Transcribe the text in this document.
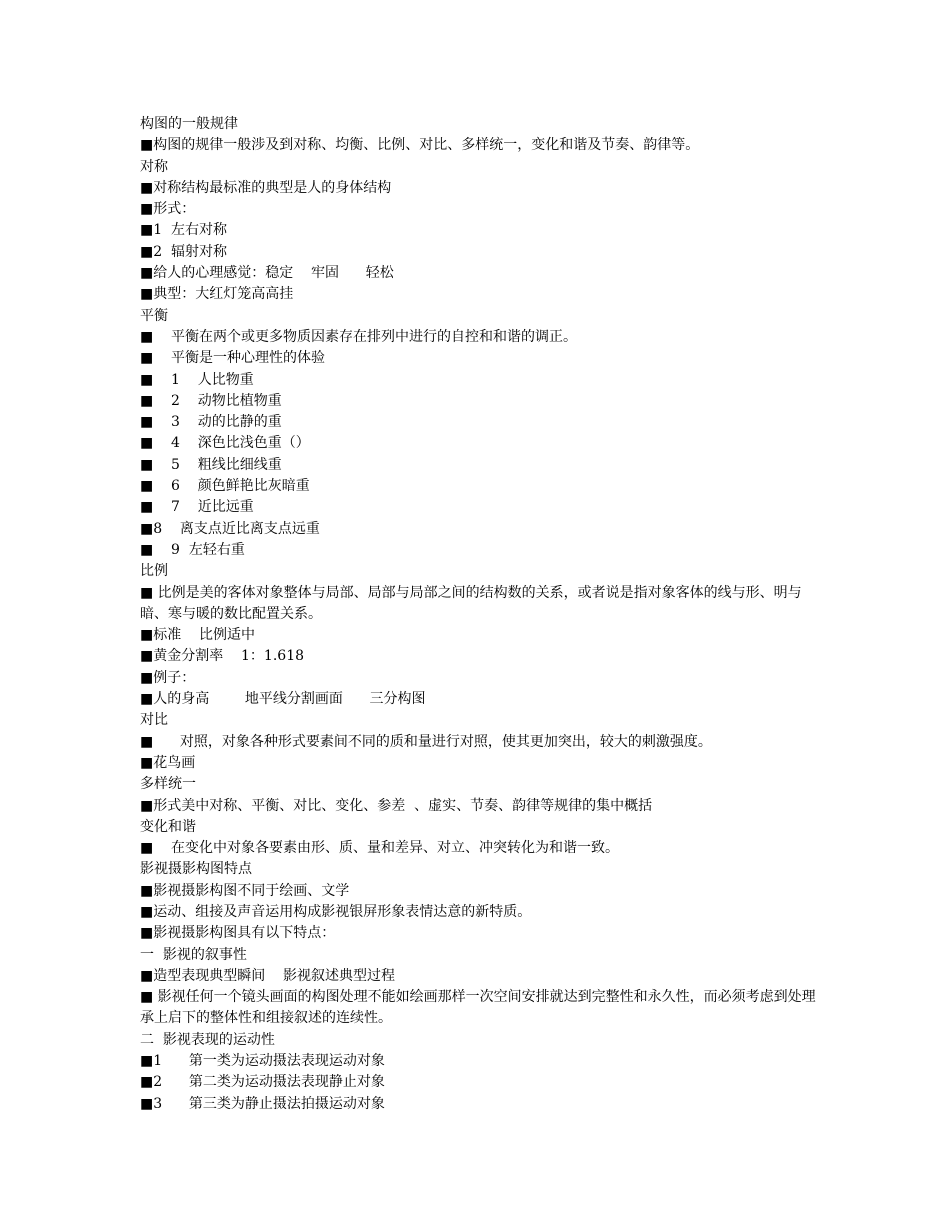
构图的一般规律
■构图的规律一般涉及到对称、均衡、比例、对比、多样统一，变化和谐及节奏、韵律等。
对称
■对称结构最标准的典型是人的身体结构
■形式：
■1  左右对称
■2  辐射对称
■给人的心理感觉：稳定    牢固      轻松
■典型：大红灯笼高高挂
平衡
■    平衡在两个或更多物质因素存在排列中进行的自控和和谐的调正。
■    平衡是一种心理性的体验
■    1    人比物重
■    2    动物比植物重
■    3    动的比静的重
■    4    深色比浅色重（）
■    5    粗线比细线重
■    6    颜色鲜艳比灰暗重
■    7    近比远重
■8    离支点近比离支点远重
■    9  左轻右重
比例
■ 比例是美的客体对象整体与局部、局部与局部之间的结构数的关系，或者说是指对象客体的线与形、明与暗、寒与暖的数比配置关系。
■标准    比例适中
■黄金分割率    1：1.618
■例子：
■人的身高        地平线分割画面      三分构图
对比
■      对照，对象各种形式要素间不同的质和量进行对照，使其更加突出，较大的刺激强度。
■花鸟画
多样统一
■形式美中对称、平衡、对比、变化、参差  、虚实、节奏、韵律等规律的集中概括
变化和谐
■    在变化中对象各要素由形、质、量和差异、对立、冲突转化为和谐一致。
影视摄影构图特点
■影视摄影构图不同于绘画、文学
■运动、组接及声音运用构成影视银屏形象表情达意的新特质。
■影视摄影构图具有以下特点：
一  影视的叙事性
■造型表现典型瞬间    影视叙述典型过程
■ 影视任何一个镜头画面的构图处理不能如绘画那样一次空间安排就达到完整性和永久性，而必须考虑到处理承上启下的整体性和组接叙述的连续性。
二  影视表现的运动性
■1      第一类为运动摄法表现运动对象
■2      第二类为运动摄法表现静止对象
■3      第三类为静止摄法拍摄运动对象
